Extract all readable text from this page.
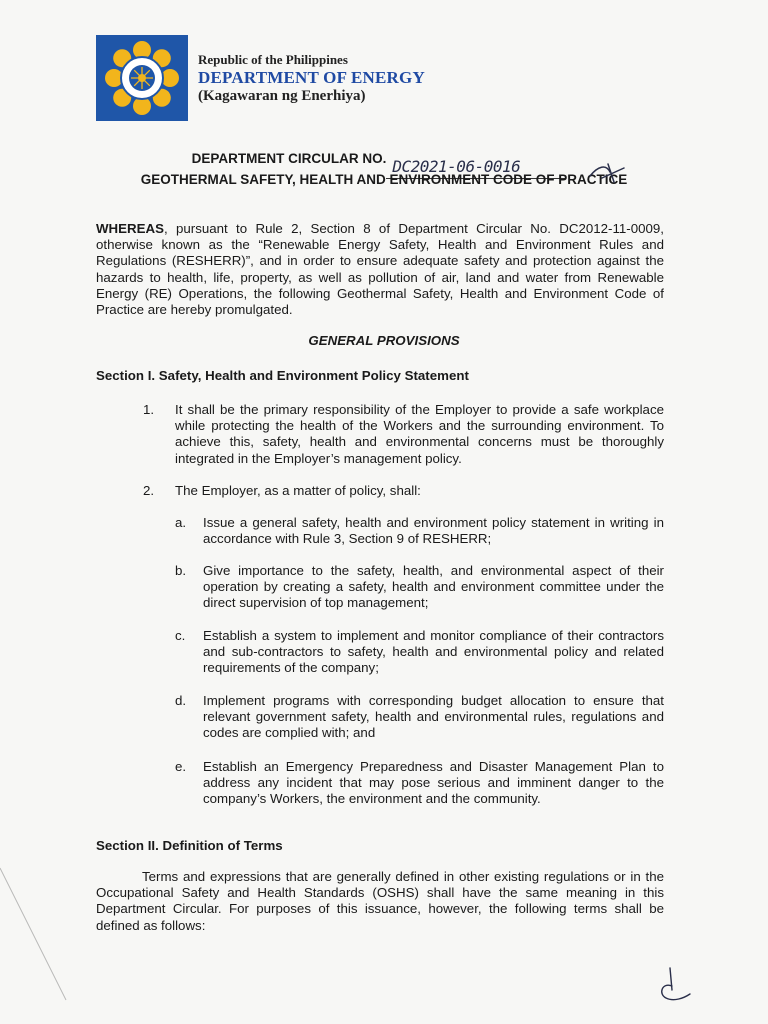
Republic of the Philippines
DEPARTMENT OF ENERGY
(Kagawaran ng Enerhiya)
DEPARTMENT CIRCULAR NO. DC2021-06-0016
GEOTHERMAL SAFETY, HEALTH AND ENVIRONMENT CODE OF PRACTICE
WHEREAS, pursuant to Rule 2, Section 8 of Department Circular No. DC2012-11-0009, otherwise known as the “Renewable Energy Safety, Health and Environment Rules and Regulations (RESHERR)”, and in order to ensure adequate safety and protection against the hazards to health, life, property, as well as pollution of air, land and water from Renewable Energy (RE) Operations, the following Geothermal Safety, Health and Environment Code of Practice are hereby promulgated.
GENERAL PROVISIONS
Section I. Safety, Health and Environment Policy Statement
1. It shall be the primary responsibility of the Employer to provide a safe workplace while protecting the health of the Workers and the surrounding environment. To achieve this, safety, health and environmental concerns must be thoroughly integrated in the Employer’s management policy.
2. The Employer, as a matter of policy, shall:
a. Issue a general safety, health and environment policy statement in writing in accordance with Rule 3, Section 9 of RESHERR;
b. Give importance to the safety, health, and environmental aspect of their operation by creating a safety, health and environment committee under the direct supervision of top management;
c. Establish a system to implement and monitor compliance of their contractors and sub-contractors to safety, health and environmental policy and related requirements of the company;
d. Implement programs with corresponding budget allocation to ensure that relevant government safety, health and environmental rules, regulations and codes are complied with; and
e. Establish an Emergency Preparedness and Disaster Management Plan to address any incident that may pose serious and imminent danger to the company’s Workers, the environment and the community.
Section II. Definition of Terms
Terms and expressions that are generally defined in other existing regulations or in the Occupational Safety and Health Standards (OSHS) shall have the same meaning in this Department Circular. For purposes of this issuance, however, the following terms shall be defined as follows:
